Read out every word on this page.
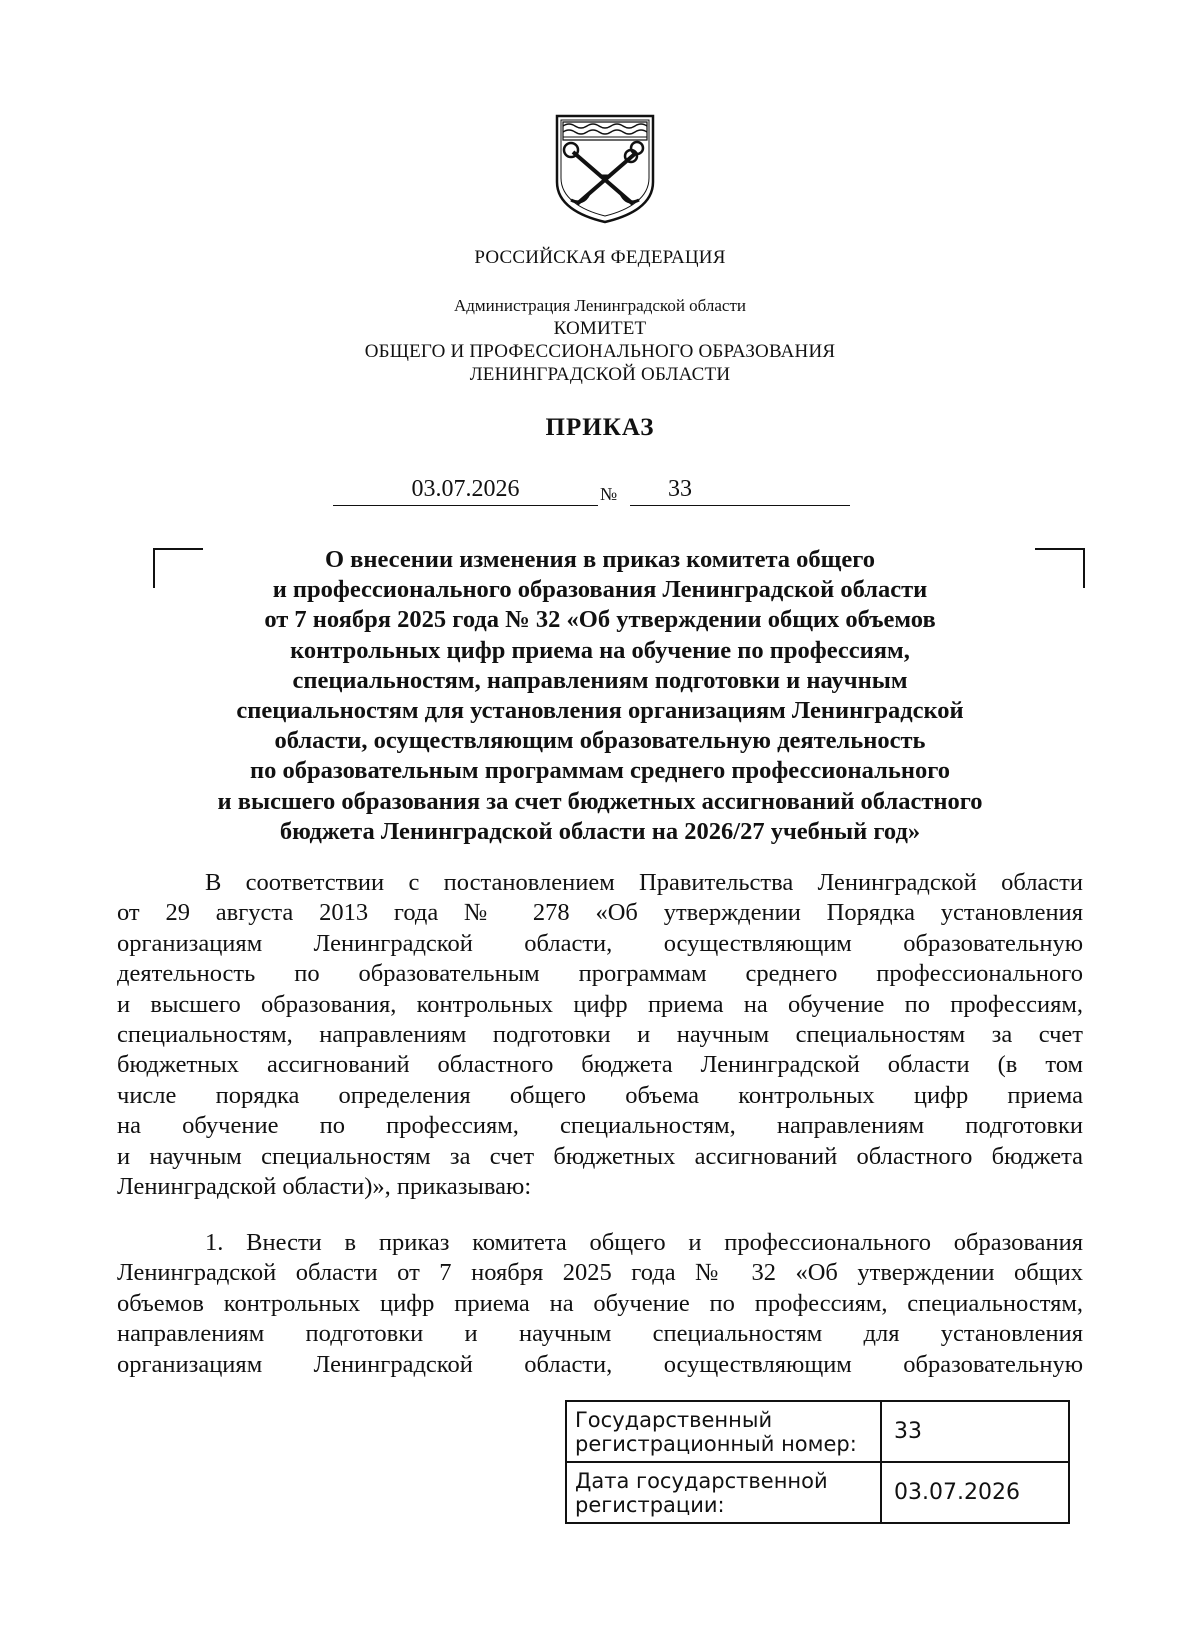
РОССИЙСКАЯ ФЕДЕРАЦИЯ
Администрация Ленинградской области
КОМИТЕТ
ОБЩЕГО И ПРОФЕССИОНАЛЬНОГО ОБРАЗОВАНИЯ
ЛЕНИНГРАДСКОЙ ОБЛАСТИ
ПРИКАЗ
03.07.2026	№	33
О внесении изменения в приказ комитета общего
и профессионального образования Ленинградской области
от 7 ноября 2025 года № 32 «Об утверждении общих объемов
контрольных цифр приема на обучение по профессиям,
специальностям, направлениям подготовки и научным
специальностям для установления организациям Ленинградской
области, осуществляющим образовательную деятельность
по образовательным программам среднего профессионального
и высшего образования за счет бюджетных ассигнований областного
бюджета Ленинградской области на 2026/27 учебный год»
В соответствии с постановлением Правительства Ленинградской области
от 29 августа 2013 года № 278 «Об утверждении Порядка установления
организациям Ленинградской области, осуществляющим образовательную
деятельность по образовательным программам среднего профессионального
и высшего образования, контрольных цифр приема на обучение по профессиям,
специальностям, направлениям подготовки и научным специальностям за счет
бюджетных ассигнований областного бюджета Ленинградской области (в том
числе порядка определения общего объема контрольных цифр приема
на обучение по профессиям, специальностям, направлениям подготовки
и научным специальностям за счет бюджетных ассигнований областного бюджета
Ленинградской области)», приказываю:
1. Внести в приказ комитета общего и профессионального образования
Ленинградской области от 7 ноября 2025 года № 32 «Об утверждении общих
объемов контрольных цифр приема на обучение по профессиям, специальностям,
направлениям подготовки и научным специальностям для установления
организациям Ленинградской области, осуществляющим образовательную
Государственный регистрационный номер:	33
Дата государственной регистрации:	03.07.2026
